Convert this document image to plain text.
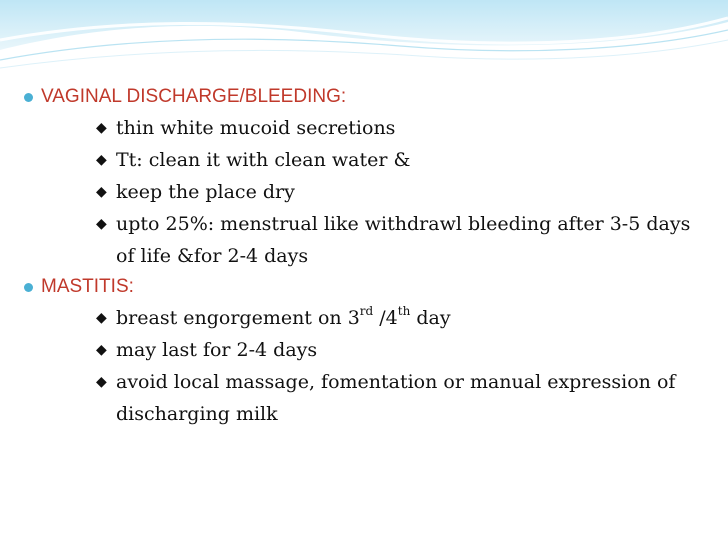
VAGINAL DISCHARGE/BLEEDING:
◆ thin white mucoid secretions
◆ Tt: clean it with clean water &
◆ keep the place dry
◆ upto 25%: menstrual like withdrawl bleeding after 3-5 days of life &for 2-4 days
MASTITIS:
◆ breast engorgement on 3rd /4th day
◆ may last for 2-4 days
◆ avoid local massage, fomentation or manual expression of discharging milk
